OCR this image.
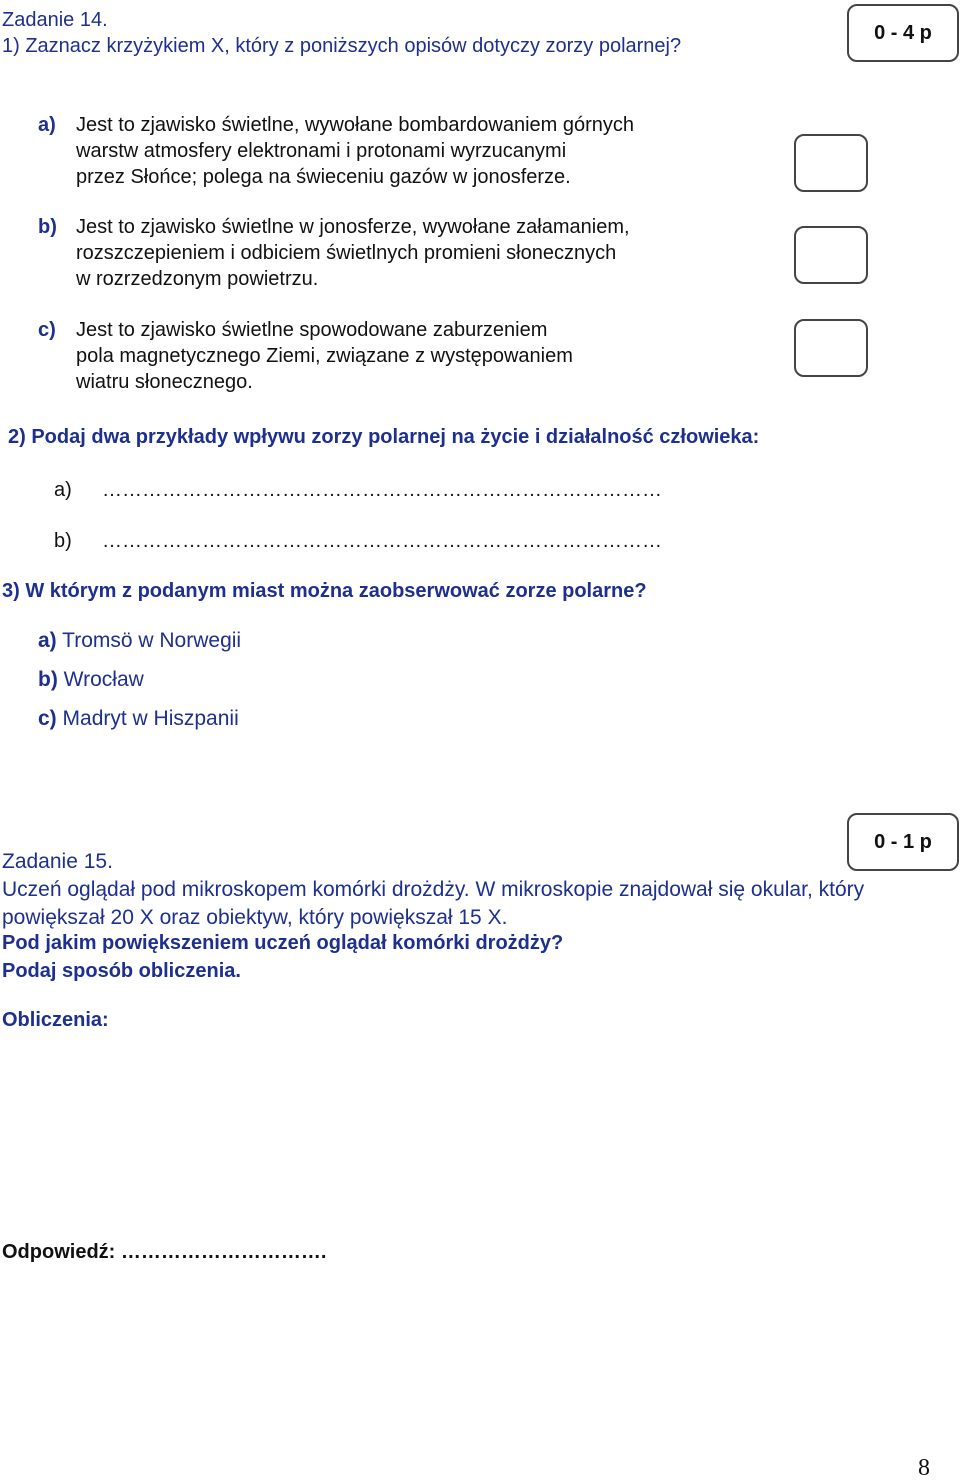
Zadanie 14.
1) Zaznacz krzyżykiem X, który z poniższych opisów dotyczy zorzy polarnej?
0 - 4 p
a) Jest to zjawisko świetlne, wywołane bombardowaniem górnych
warstw atmosfery elektronami i protonami wyrzucanymi
przez Słońce; polega na świeceniu gazów w jonosferze.
b) Jest to zjawisko świetlne w jonosferze, wywołane załamaniem,
rozszczepieniem i odbiciem świetlnych promieni słonecznych
w rozrzedzonym powietrzu.
c) Jest to zjawisko świetlne spowodowane zaburzeniem
pola magnetycznego Ziemi, związane z występowaniem
wiatru słonecznego.
2) Podaj dwa przykłady wpływu zorzy polarnej na życie i działalność człowieka:
a) …………………………………………………………………………
b) …………………………………………………………………………
3) W którym z podanym miast można zaobserwować zorze polarne?
a) Tromsö w Norwegii
b) Wrocław
c) Madryt w Hiszpanii
0 - 1 p
Zadanie 15.
Uczeń oglądał pod mikroskopem komórki drożdży. W mikroskopie znajdował się okular, który
powiększał 20 X oraz obiektyw, który powiększał 15 X.
Pod jakim powiększeniem uczeń oglądał komórki drożdży?
Podaj sposób obliczenia.
Obliczenia:
Odpowiedź: ………………………….
8
